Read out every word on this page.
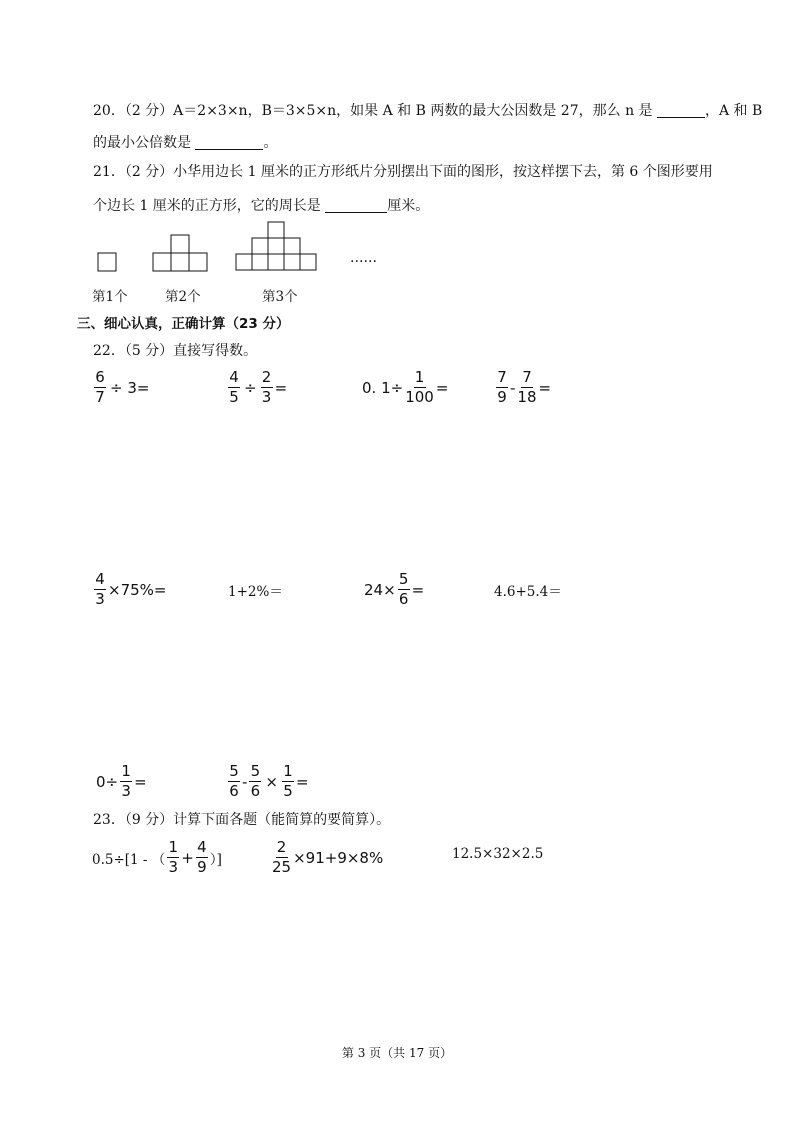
20．（2 分）A＝2×3×n，B＝3×5×n，如果 A 和 B 两数的最大公因数是 27，那么 n 是	，A 和 B
的最小公倍数是	。
21．（2 分）小华用边长 1 厘米的正方形纸片分别摆出下面的图形，按这样摆下去，第 6 个图形要用
个边长 1 厘米的正方形，它的周长是	厘米。
……
第1个	第2个	第3个
三、细心认真，正确计算（23 分）
22．（5 分）直接写得数。
$\frac{6}{7} \div 3=$	$\frac{4}{5} \div \frac{2}{3}$ =	0. $1\div \frac{1}{100}$ =	$\frac{7}{9} - \frac{7}{18}$ =
$\frac{4}{3} \times 75\%=$	1+2%＝	$24\times \frac{5}{6}$ =	4.6+5.4＝
$0\div \frac{1}{3}$ =	$\frac{5}{6} - \frac{5}{6} \times \frac{1}{5}$ =
23．（9 分）计算下面各题（能简算的要简算）。
0.5÷[1 - （ $\frac{1}{3} + \frac{4}{9}$ ）]	$\frac{2}{25} \times 91+9\times 8\%$	12.5×32×2.5
第 3 页（共 17 页）
